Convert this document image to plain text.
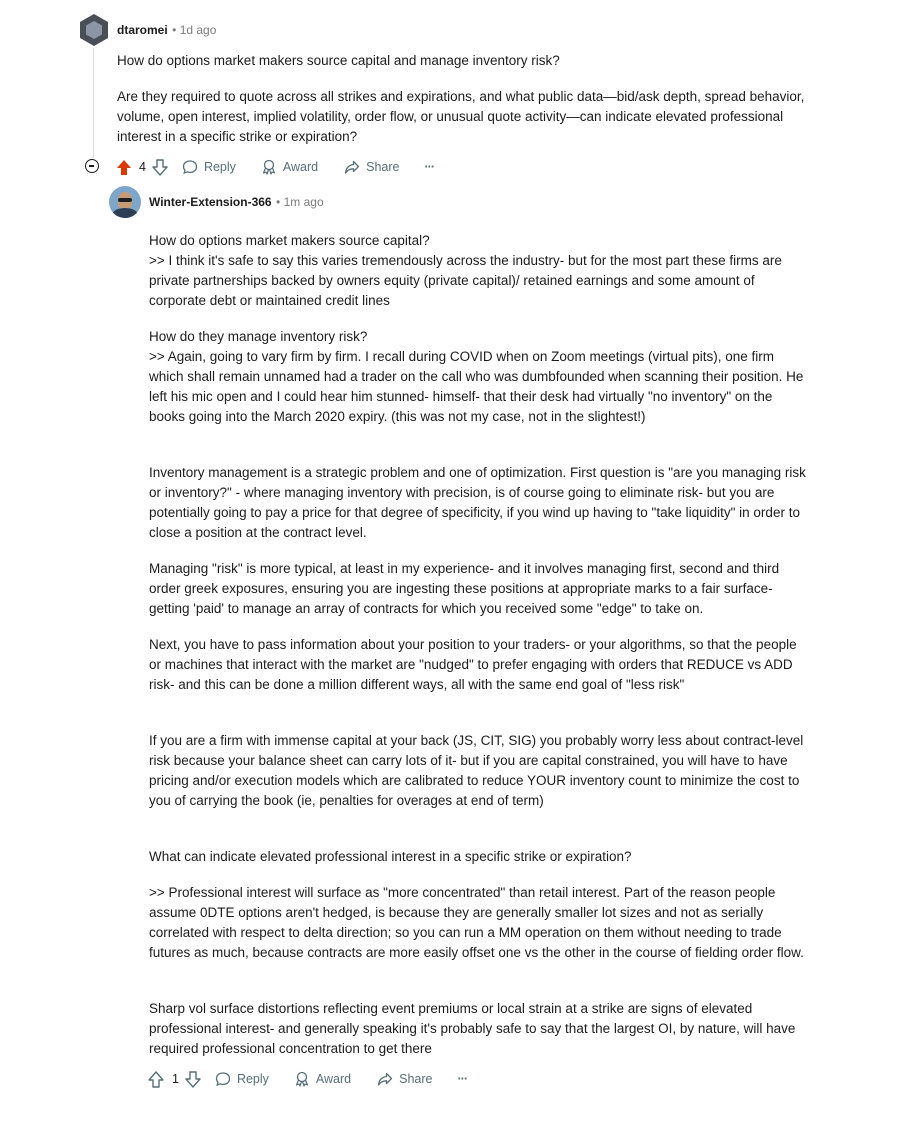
dtaromei • 1d ago

How do options market makers source capital and manage inventory risk?

Are they required to quote across all strikes and expirations, and what public data—bid/ask depth, spread behavior, volume, open interest, implied volatility, order flow, or unusual quote activity—can indicate elevated professional interest in a specific strike or expiration?

4	Reply	Award	Share ···
Winter-Extension-366 • 1m ago

How do options market makers source capital?
>> I think it's safe to say this varies tremendously across the industry- but for the most part these firms are private partnerships backed by owners equity (private capital)/ retained earnings and some amount of corporate debt or maintained credit lines

How do they manage inventory risk?
>> Again, going to vary firm by firm. I recall during COVID when on Zoom meetings (virtual pits), one firm which shall remain unnamed had a trader on the call who was dumbfounded when scanning their position. He left his mic open and I could hear him stunned- himself- that their desk had virtually "no inventory" on the books going into the March 2020 expiry. (this was not my case, not in the slightest!)

Inventory management is a strategic problem and one of optimization. First question is "are you managing risk or inventory?" - where managing inventory with precision, is of course going to eliminate risk- but you are potentially going to pay a price for that degree of specificity, if you wind up having to "take liquidity" in order to close a position at the contract level.

Managing "risk" is more typical, at least in my experience- and it involves managing first, second and third order greek exposures, ensuring you are ingesting these positions at appropriate marks to a fair surface- getting 'paid' to manage an array of contracts for which you received some "edge" to take on.

Next, you have to pass information about your position to your traders- or your algorithms, so that the people or machines that interact with the market are "nudged" to prefer engaging with orders that REDUCE vs ADD risk- and this can be done a million different ways, all with the same end goal of "less risk"

If you are a firm with immense capital at your back (JS, CIT, SIG) you probably worry less about contract-level risk because your balance sheet can carry lots of it- but if you are capital constrained, you will have to have pricing and/or execution models which are calibrated to reduce YOUR inventory count to minimize the cost to you of carrying the book (ie, penalties for overages at end of term)

What can indicate elevated professional interest in a specific strike or expiration?

>> Professional interest will surface as "more concentrated" than retail interest. Part of the reason people assume 0DTE options aren't hedged, is because they are generally smaller lot sizes and not as serially correlated with respect to delta direction; so you can run a MM operation on them without needing to trade futures as much, because contracts are more easily offset one vs the other in the course of fielding order flow.

Sharp vol surface distortions reflecting event premiums or local strain at a strike are signs of elevated professional interest- and generally speaking it's probably safe to say that the largest OI, by nature, will have required professional concentration to get there

1	Reply	Award	Share ···
